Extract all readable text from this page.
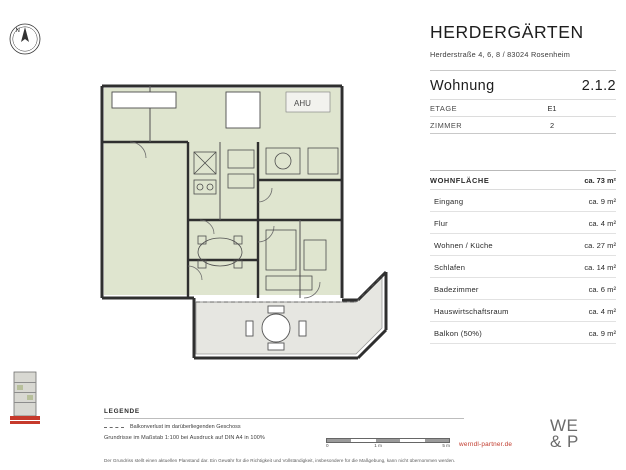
N
AHU
HERDERGÄRTEN
Herderstraße 4, 6, 8 / 83024 Rosenheim
Wohnung	2.1.2
ETAGE	E1
ZIMMER	2
WOHNFLÄCHE	ca. 73 m²
Eingang	ca. 9 m²
Flur	ca. 4 m²
Wohnen / Küche	ca. 27 m²
Schlafen	ca. 14 m²
Badezimmer	ca. 6 m²
Hauswirtschaftsraum	ca. 4 m²
Balkon (50%)	ca. 9 m²
LEGENDE
Balkonverlust im darüberliegenden Geschoss
Grundrisse im Maßstab 1:100 bei Ausdruck auf DIN A4 in 100%
0	1 m	5 m werndl-partner.de
Der Grundriss stellt einen aktuellen Planstand dar. Ein Gewähr für die Richtigkeit und Vollständigkeit, insbesondere für die Maßgebung, kann nicht übernommen werden.
WE
& P
